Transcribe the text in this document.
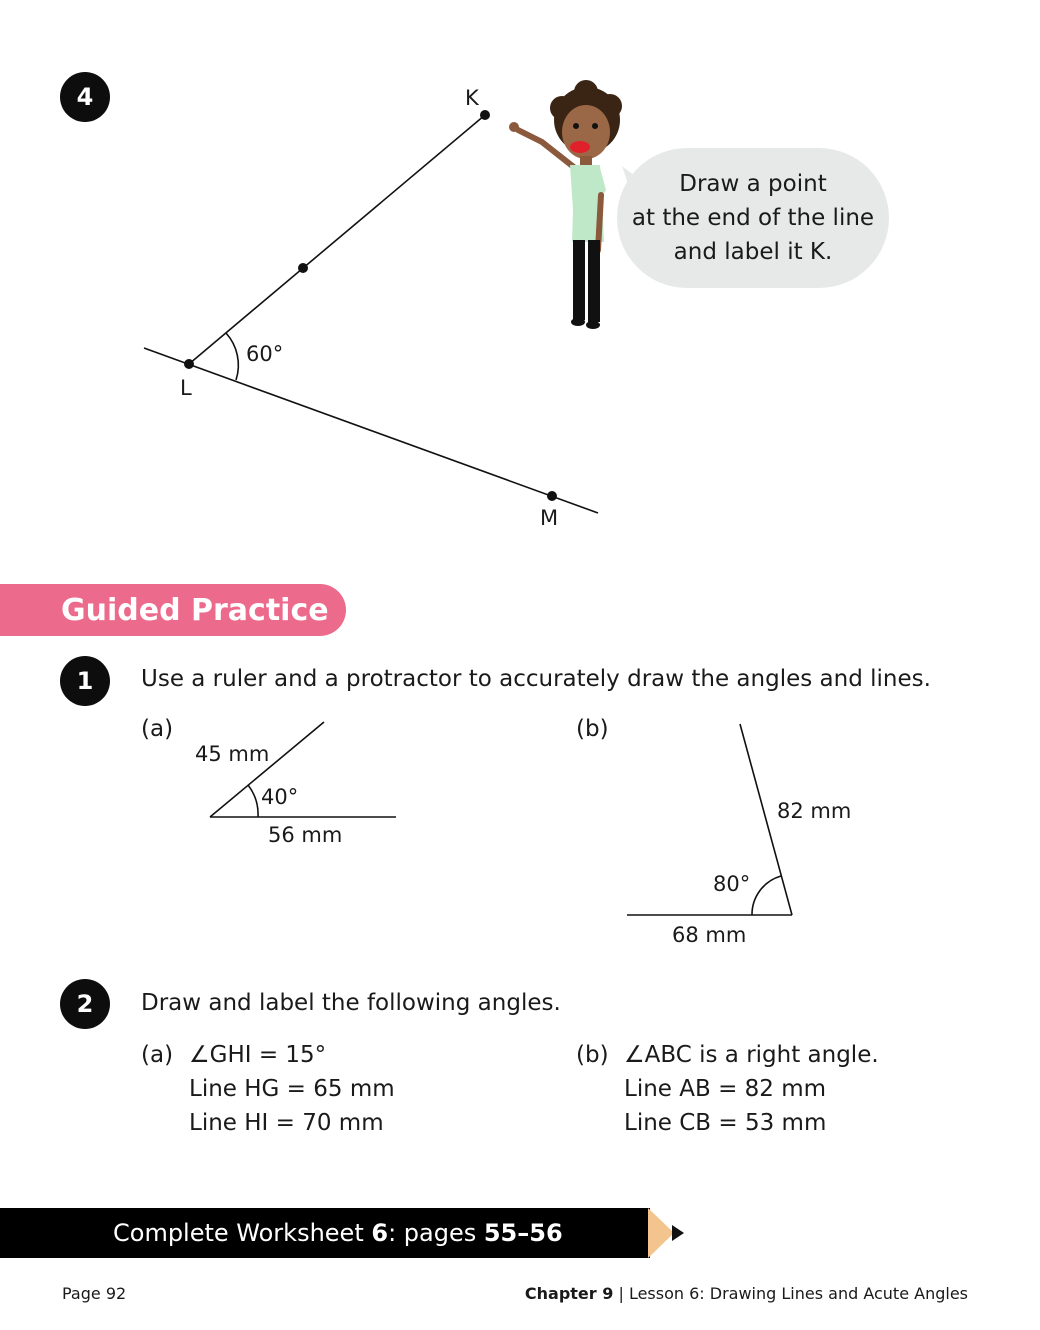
4	K
L
M
60°
Draw a point
at the end of the line
and label it K.
Guided Practice
1 Use a ruler and a protractor to accurately draw the angles and lines.
(a)
45 mm
40°
56 mm
(b)
82 mm
80°
68 mm
2 Draw and label the following angles.
(a) ∠GHI = 15°
Line HG = 65 mm
Line HI = 70 mm
(b) ∠ABC is a right angle.
Line AB = 82 mm
Line CB = 53 mm
Complete Worksheet 6 : pages 55–56
Page 92	Chapter 9 | Lesson 6: Drawing Lines and Acute Angles
